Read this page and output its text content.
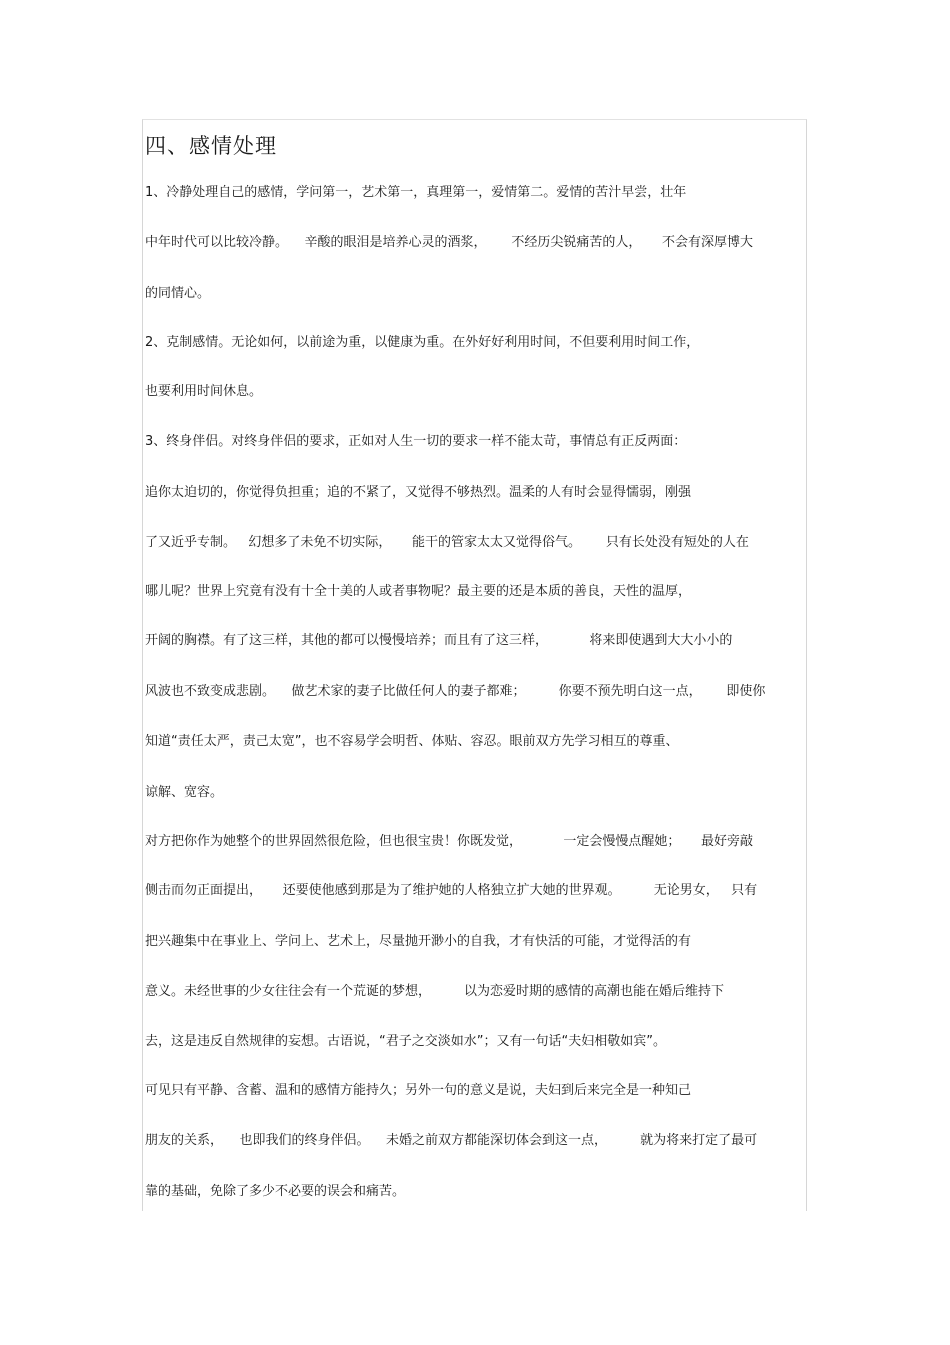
四、感情处理

1、冷静处理自己的感情，学问第一，艺术第一，真理第一，爱情第二。爱情的苦汁早尝，壮年

中年时代可以比较冷静。    辛酸的眼泪是培养心灵的酒浆，      不经历尖锐痛苦的人，     不会有深厚博大

的同情心。

2、克制感情。无论如何，以前途为重，以健康为重。在外好好利用时间，不但要利用时间工作，

也要利用时间休息。

3、终身伴侣。对终身伴侣的要求，正如对人生一切的要求一样不能太苛，事情总有正反两面：

追你太迫切的，你觉得负担重；追的不紧了，又觉得不够热烈。温柔的人有时会显得懦弱，刚强

了又近乎专制。   幻想多了未免不切实际，     能干的管家太太又觉得俗气。      只有长处没有短处的人在

哪儿呢？世界上究竟有没有十全十美的人或者事物呢？最主要的还是本质的善良，天性的温厚，

开阔的胸襟。有了这三样，其他的都可以慢慢培养；而且有了这三样，          将来即使遇到大大小小的

风波也不致变成悲剧。    做艺术家的妻子比做任何人的妻子都难；        你要不预先明白这一点，      即使你

知道“责任太严，责己太宽”，也不容易学会明哲、体贴、容忍。眼前双方先学习相互的尊重、

谅解、宽容。

对方把你作为她整个的世界固然很危险，但也很宝贵！你既发觉，          一定会慢慢点醒她；     最好旁敲

侧击而勿正面提出，     还要使他感到那是为了维护她的人格独立扩大她的世界观。        无论男女，   只有

把兴趣集中在事业上、学问上、艺术上，尽量抛开渺小的自我，才有快活的可能，才觉得活的有

意义。未经世事的少女往往会有一个荒诞的梦想，        以为恋爱时期的感情的高潮也能在婚后维持下

去，这是违反自然规律的妄想。古语说，“君子之交淡如水”；又有一句话“夫妇相敬如宾”。

可见只有平静、含蓄、温和的感情方能持久；另外一句的意义是说，夫妇到后来完全是一种知己

朋友的关系，    也即我们的终身伴侣。    未婚之前双方都能深切体会到这一点，        就为将来打定了最可

靠的基础，免除了多少不必要的误会和痛苦。
